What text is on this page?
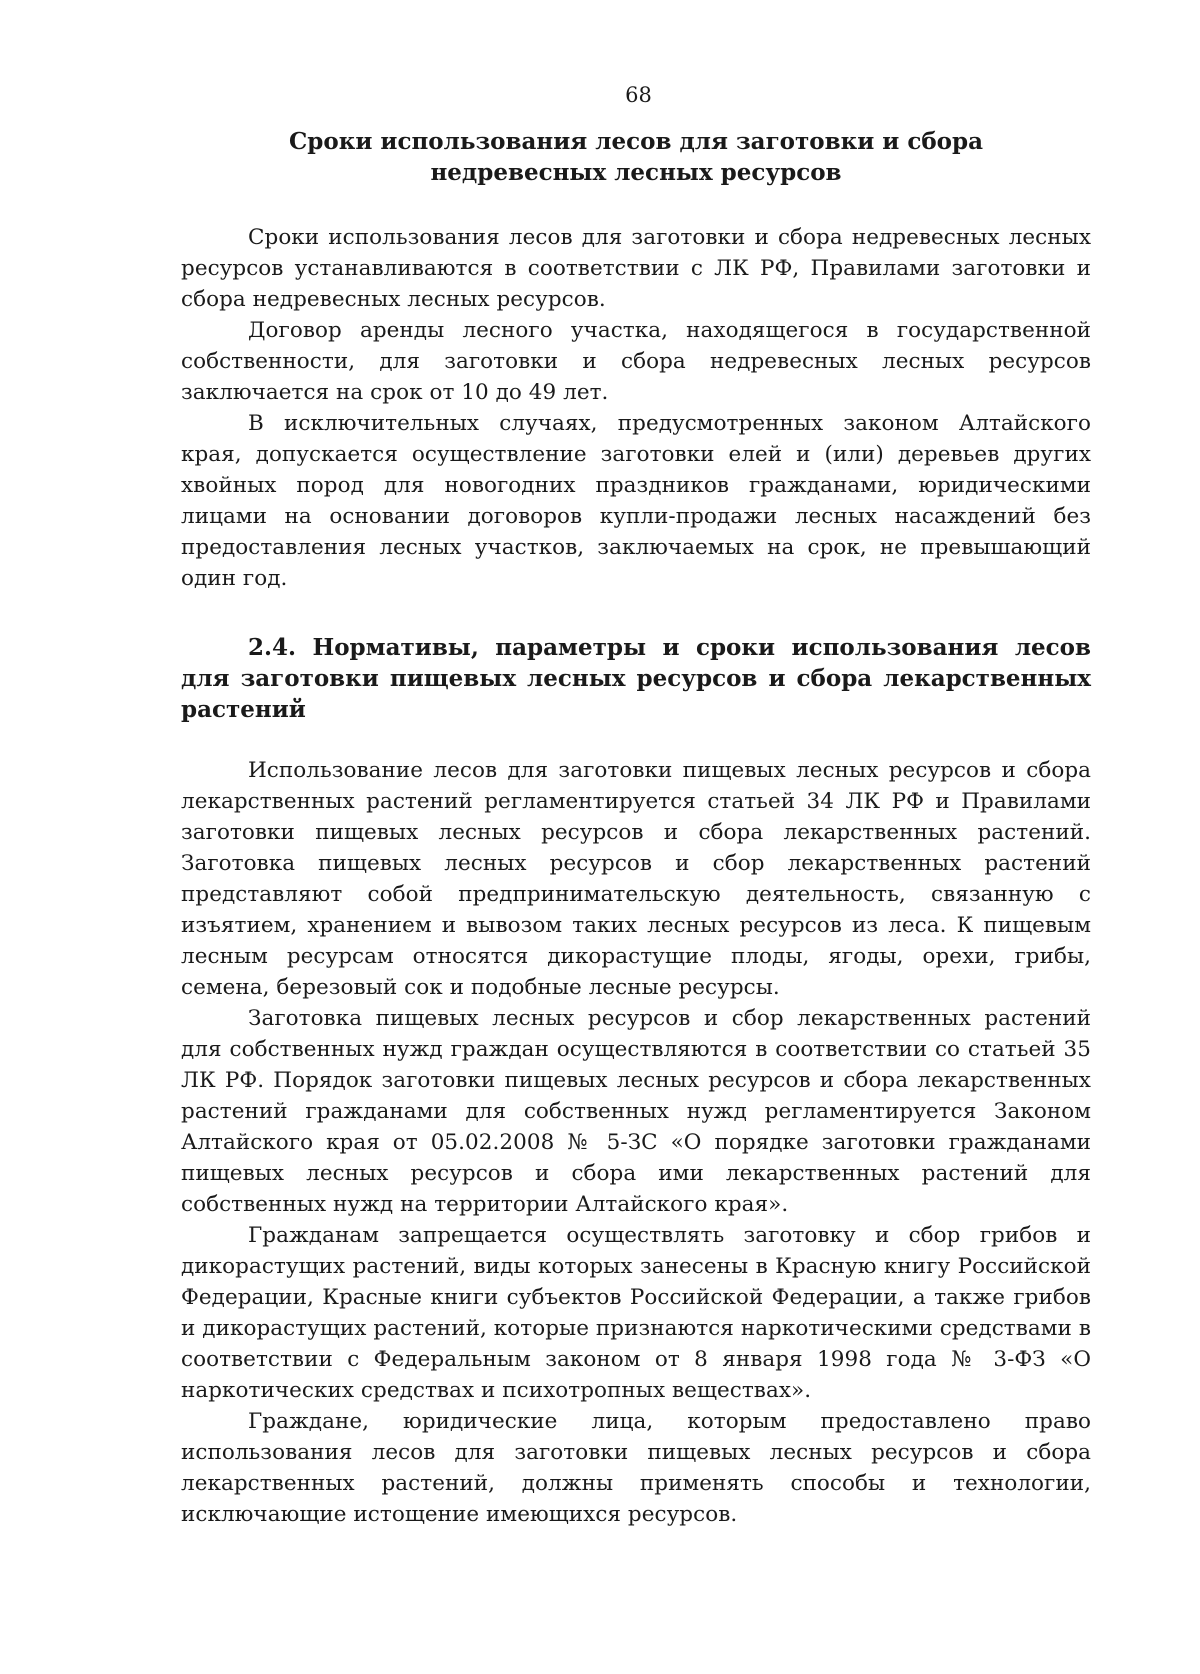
68
Сроки использования лесов для заготовки и сбора
недревесных лесных ресурсов

Сроки использования лесов для заготовки и сбора недревесных лесных ресурсов устанавливаются в соответствии с ЛК РФ, Правилами заготовки и сбора недревесных лесных ресурсов.

Договор аренды лесного участка, находящегося в государственной собственности, для заготовки и сбора недревесных лесных ресурсов заключается на срок от 10 до 49 лет.

В исключительных случаях, предусмотренных законом Алтайского края, допускается осуществление заготовки елей и (или) деревьев других хвойных пород для новогодних праздников гражданами, юридическими лицами на основании договоров купли-продажи лесных насаждений без предоставления лесных участков, заключаемых на срок, не превышающий один год.

2.4. Нормативы, параметры и сроки использования лесов для заготовки пищевых лесных ресурсов и сбора лекарственных растений

Использование лесов для заготовки пищевых лесных ресурсов и сбора лекарственных растений регламентируется статьей 34 ЛК РФ и Правилами заготовки пищевых лесных ресурсов и сбора лекарственных растений. Заготовка пищевых лесных ресурсов и сбор лекарственных растений представляют собой предпринимательскую деятельность, связанную с изъятием, хранением и вывозом таких лесных ресурсов из леса. К пищевым лесным ресурсам относятся дикорастущие плоды, ягоды, орехи, грибы, семена, березовый сок и подобные лесные ресурсы.

Заготовка пищевых лесных ресурсов и сбор лекарственных растений для собственных нужд граждан осуществляются в соответствии со статьей 35 ЛК РФ. Порядок заготовки пищевых лесных ресурсов и сбора лекарственных растений гражданами для собственных нужд регламентируется Законом Алтайского края от 05.02.2008 № 5-ЗС «О порядке заготовки гражданами пищевых лесных ресурсов и сбора ими лекарственных растений для собственных нужд на территории Алтайского края».

Гражданам запрещается осуществлять заготовку и сбор грибов и дикорастущих растений, виды которых занесены в Красную книгу Российской Федерации, Красные книги субъектов Российской Федерации, а также грибов и дикорастущих растений, которые признаются наркотическими средствами в соответствии с Федеральным законом от 8 января 1998 года № 3-ФЗ «О наркотических средствах и психотропных веществах».

Граждане, юридические лица, которым предоставлено право использования лесов для заготовки пищевых лесных ресурсов и сбора лекарственных растений, должны применять способы и технологии, исключающие истощение имеющихся ресурсов.
